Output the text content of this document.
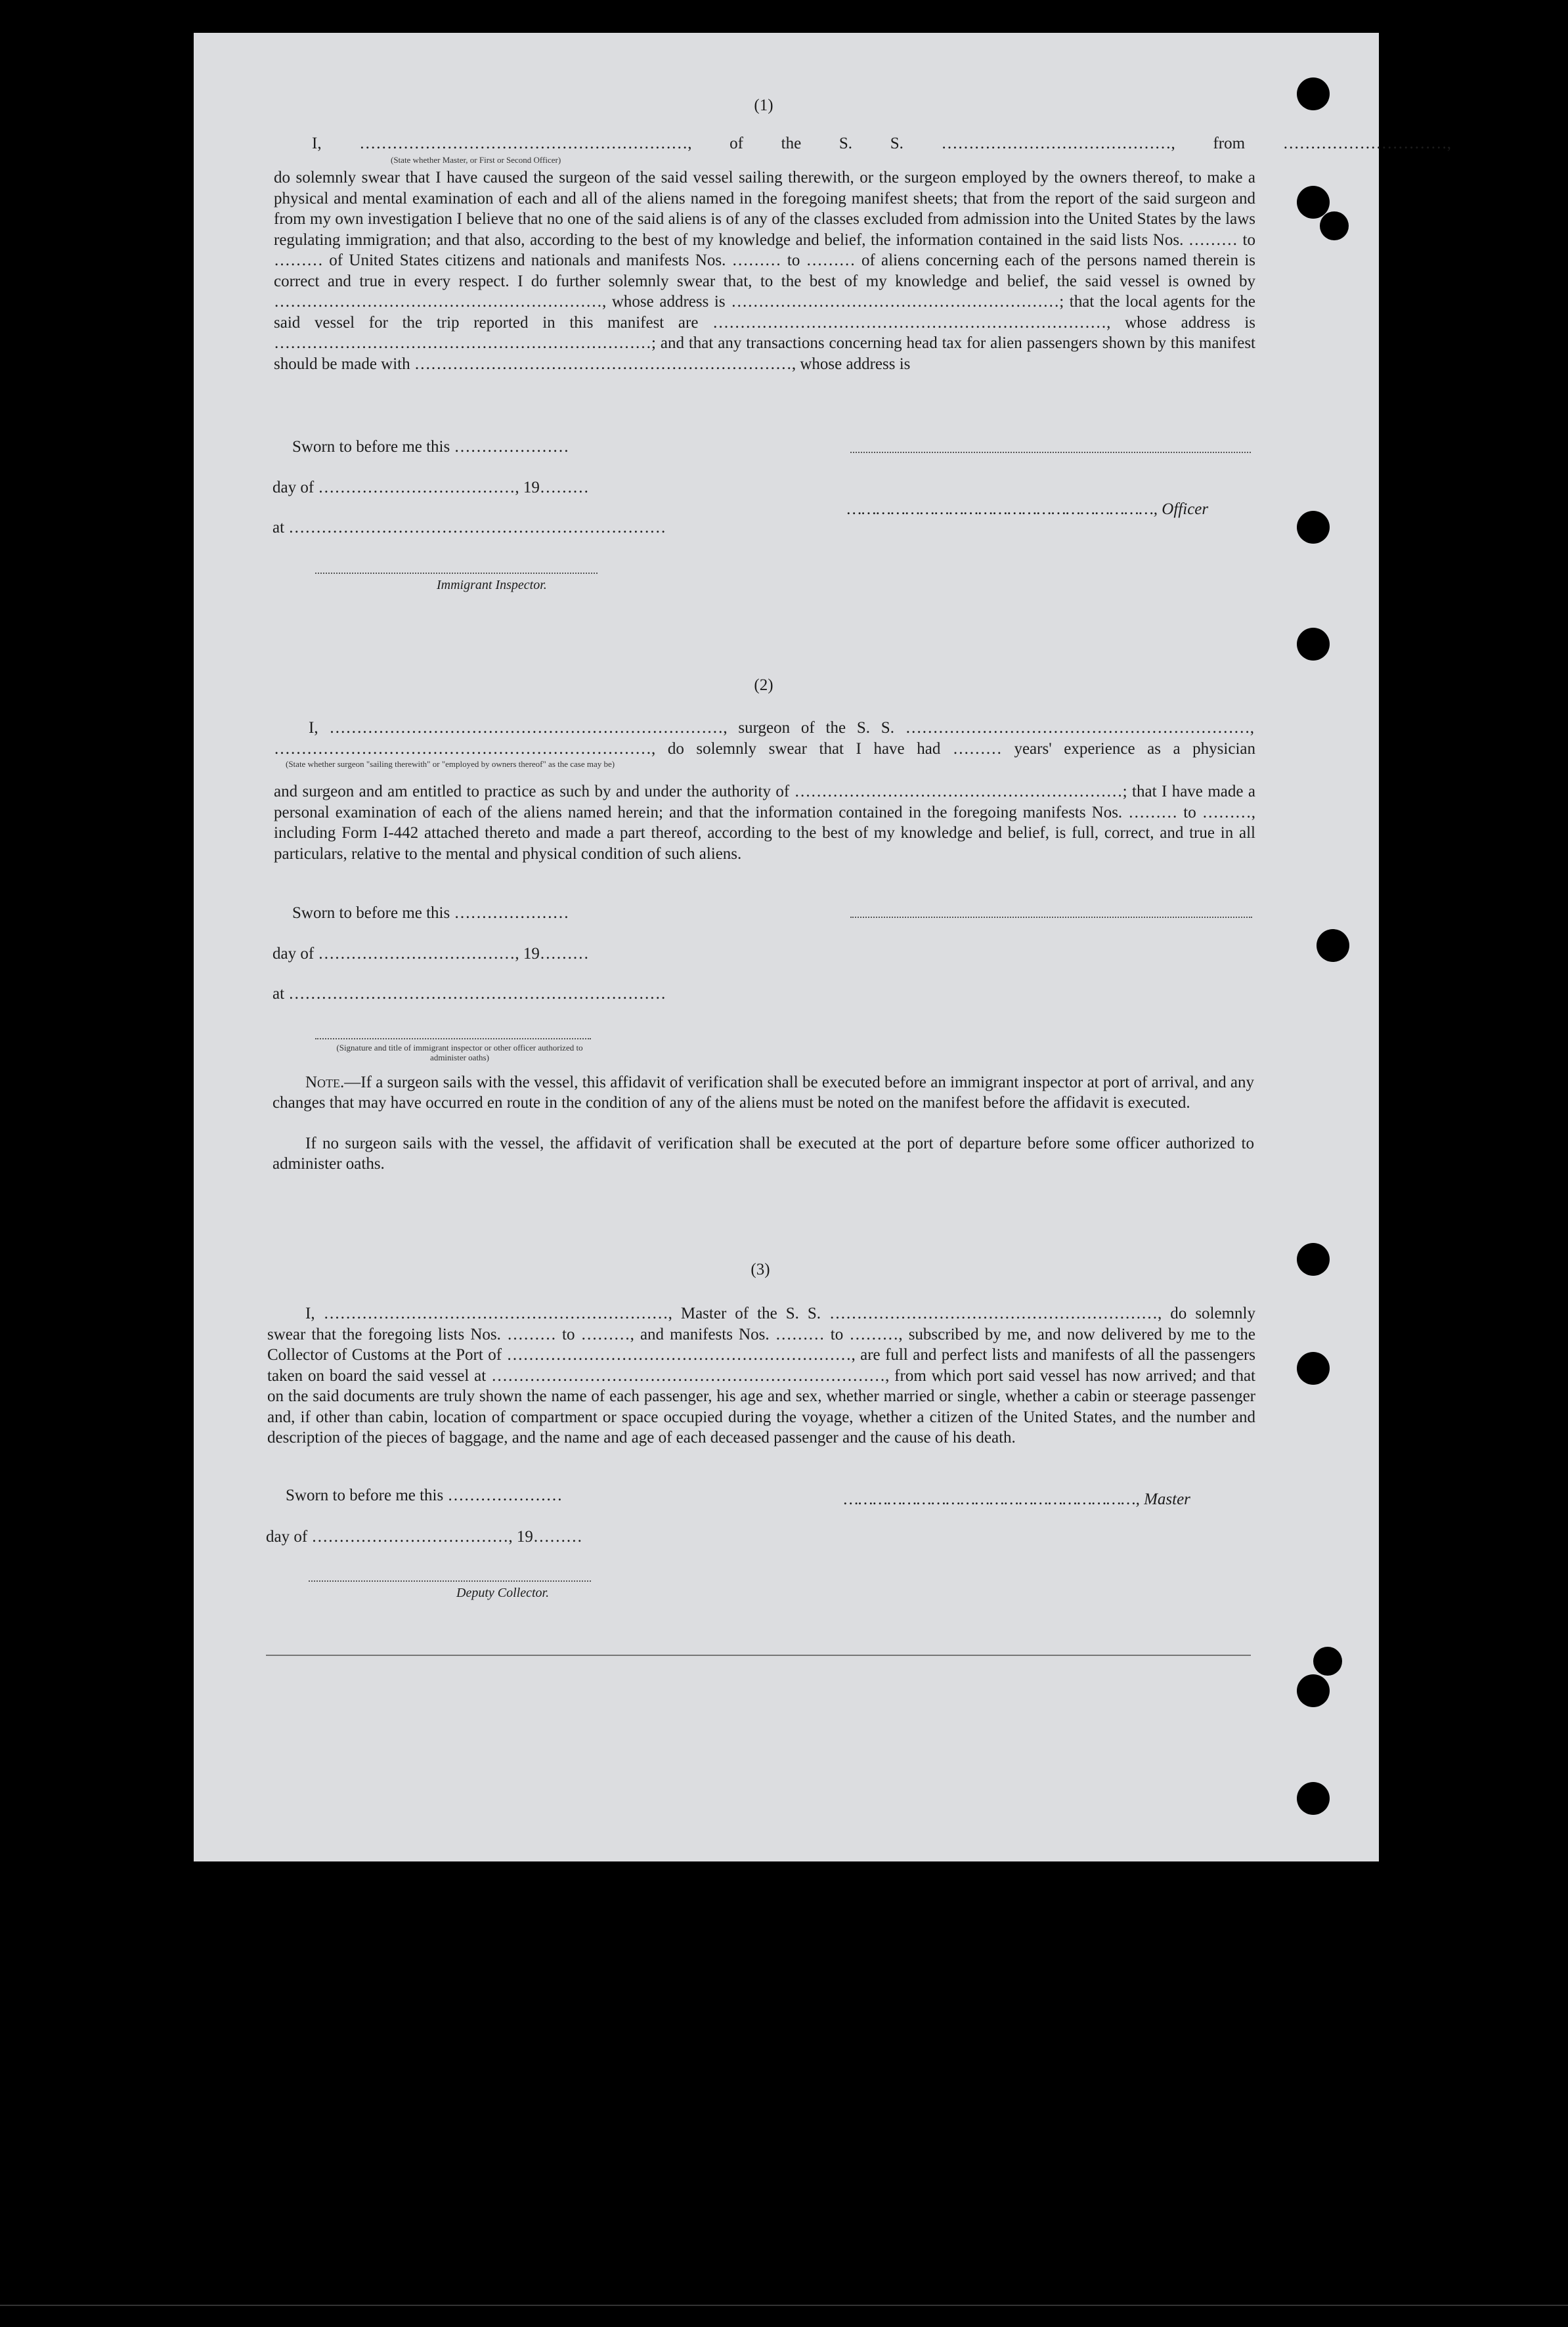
(1)

I, ……………………………………………………, of the S. S. ……………………………………, from …………………………,

(State whether Master, or First or Second Officer)

do solemnly swear that I have caused the surgeon of the said vessel sailing therewith, or the surgeon employed by the owners thereof, to make a physical and mental examination of each and all of the aliens named in the foregoing manifest sheets; that from the report of the said surgeon and from my own investigation I believe that no one of the said aliens is of any of the classes excluded from admission into the United States by the laws regulating immigration; and that also, according to the best of my knowledge and belief, the information contained in the said lists Nos. ……… to ……… of United States citizens and nationals and manifests Nos. ……… to ……… of aliens concerning each of the persons named therein is correct and true in every respect. I do further solemnly swear that, to the best of my knowledge and belief, the said vessel is owned by ……………………………………………………, whose address is ……………………………………………………; that the local agents for the said vessel for the trip reported in this manifest are ………………………………………………………………, whose address is ……………………………………………………………; and that any transactions concerning head tax for alien passengers shown by this manifest should be made with ……………………………………………………………, whose address is

Sworn to before me this …………………

day of ………………………………, 19………

at ……………………………………………………………

Immigrant Inspector.

………………………………………………………, Officer

(2)

I, ………………………………………………………………, surgeon of the S. S. ………………………………………………………,

……………………………………………………………, do solemnly swear that I have had ……… years' experience as a physician

(State whether surgeon "sailing therewith" or "employed by owners thereof" as the case may be)

and surgeon and am entitled to practice as such by and under the authority of ……………………………………………………; that I have made a personal examination of each of the aliens named herein; and that the information contained in the foregoing manifests Nos. ……… to ………, including Form I-442 attached thereto and made a part thereof, according to the best of my knowledge and belief, is full, correct, and true in all particulars, relative to the mental and physical condition of such aliens.

Sworn to before me this …………………

day of ………………………………, 19………

at ……………………………………………………………

(Signature and title of immigrant inspector or other officer authorized to administer oaths)

Note.—If a surgeon sails with the vessel, this affidavit of verification shall be executed before an immigrant inspector at port of arrival, and any changes that may have occurred en route in the condition of any of the aliens must be noted on the manifest before the affidavit is executed.

If no surgeon sails with the vessel, the affidavit of verification shall be executed at the port of departure before some officer authorized to administer oaths.

(3)

I, ………………………………………………………, Master of the S. S. ……………………………………………………, do solemnly swear that the foregoing lists Nos. ……… to ………, and manifests Nos. ……… to ………, subscribed by me, and now delivered by me to the Collector of Customs at the Port of ………………………………………………………, are full and perfect lists and manifests of all the passengers taken on board the said vessel at ………………………………………………………………, from which port said vessel has now arrived; and that on the said documents are truly shown the name of each passenger, his age and sex, whether married or single, whether a cabin or steerage passenger and, if other than cabin, location of compartment or space occupied during the voyage, whether a citizen of the United States, and the number and description of the pieces of baggage, and the name and age of each deceased passenger and the cause of his death.

Sworn to before me this …………………

day of ………………………………, 19………

Deputy Collector.

……………………………………………………, Master
